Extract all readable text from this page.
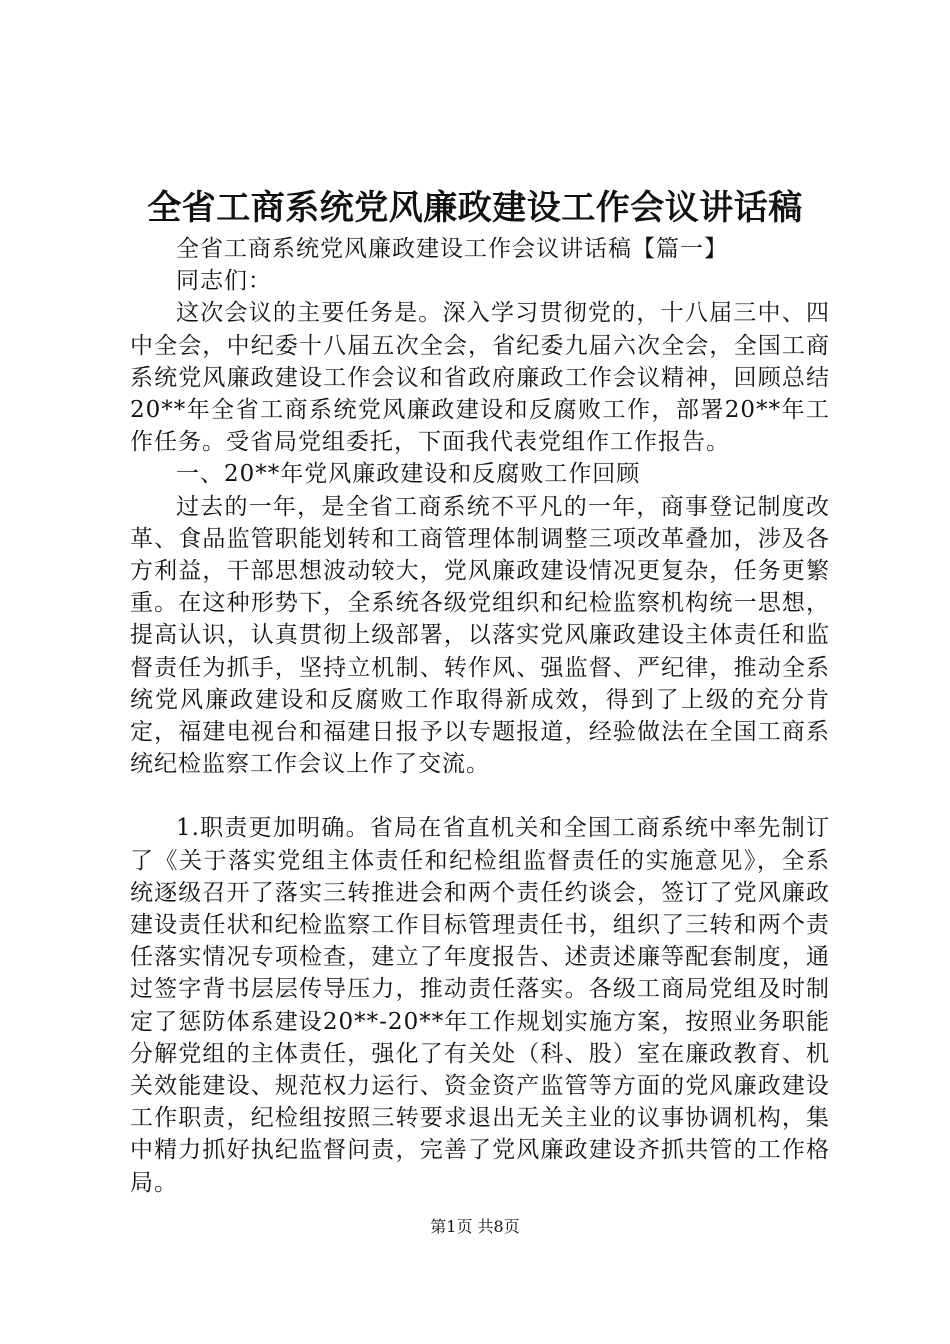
全省工商系统党风廉政建设工作会议讲话稿

全省工商系统党风廉政建设工作会议讲话稿【篇一】

同志们：

这次会议的主要任务是。深入学习贯彻党的，十八届三中、四中全会，中纪委十八届五次全会，省纪委九届六次全会，全国工商系统党风廉政建设工作会议和省政府廉政工作会议精神，回顾总结20**年全省工商系统党风廉政建设和反腐败工作，部署20**年工作任务。受省局党组委托，下面我代表党组作工作报告。

一、20**年党风廉政建设和反腐败工作回顾

过去的一年，是全省工商系统不平凡的一年，商事登记制度改革、食品监管职能划转和工商管理体制调整三项改革叠加，涉及各方利益，干部思想波动较大，党风廉政建设情况更复杂，任务更繁重。在这种形势下，全系统各级党组织和纪检监察机构统一思想，提高认识，认真贯彻上级部署，以落实党风廉政建设主体责任和监督责任为抓手，坚持立机制、转作风、强监督、严纪律，推动全系统党风廉政建设和反腐败工作取得新成效，得到了上级的充分肯定，福建电视台和福建日报予以专题报道，经验做法在全国工商系统纪检监察工作会议上作了交流。

1.职责更加明确。省局在省直机关和全国工商系统中率先制订了《关于落实党组主体责任和纪检组监督责任的实施意见》，全系统逐级召开了落实三转推进会和两个责任约谈会，签订了党风廉政建设责任状和纪检监察工作目标管理责任书，组织了三转和两个责任落实情况专项检查，建立了年度报告、述责述廉等配套制度，通过签字背书层层传导压力，推动责任落实。各级工商局党组及时制定了惩防体系建设20**-20**年工作规划实施方案，按照业务职能分解党组的主体责任，强化了有关处（科、股）室在廉政教育、机关效能建设、规范权力运行、资金资产监管等方面的党风廉政建设工作职责，纪检组按照三转要求退出无关主业的议事协调机构，集中精力抓好执纪监督问责，完善了党风廉政建设齐抓共管的工作格局。

第1页 共8页
